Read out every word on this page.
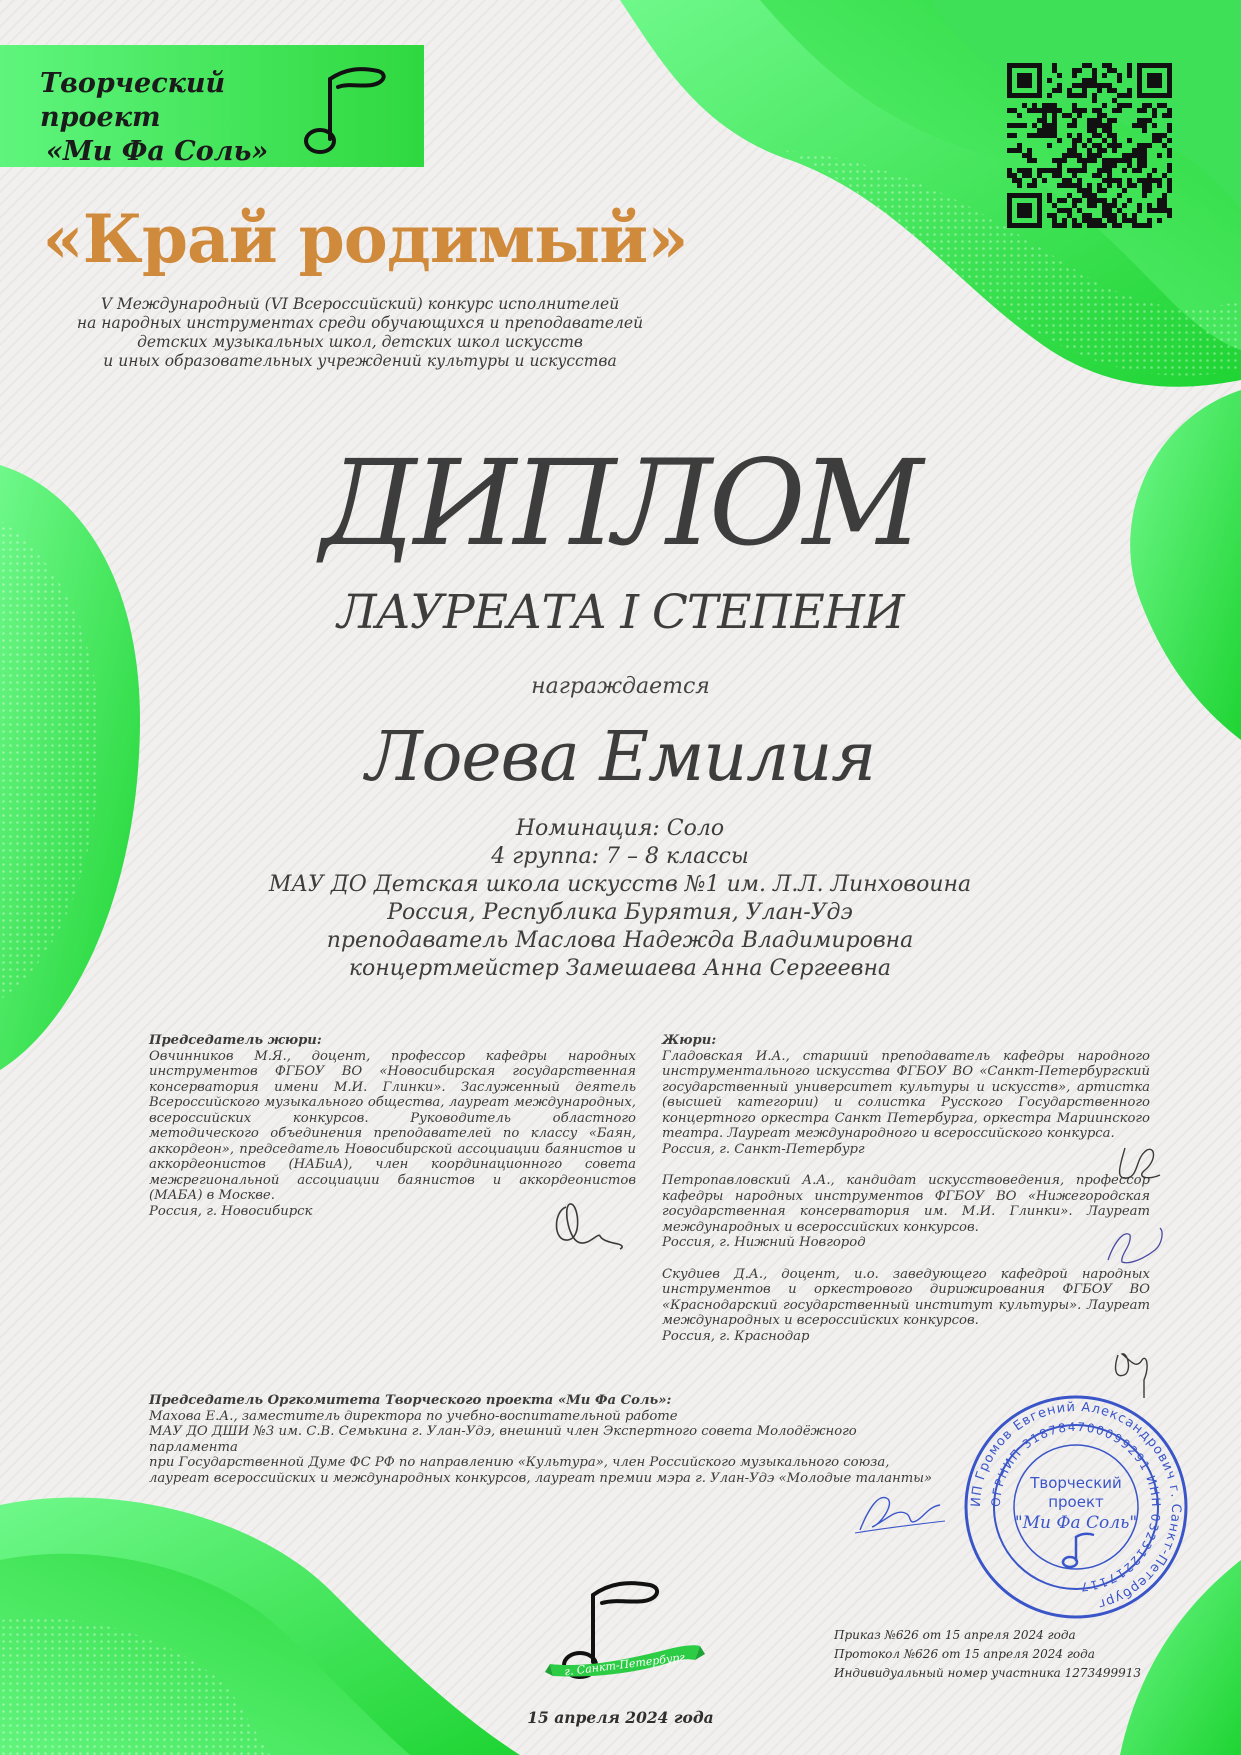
Творческий проект
«Ми Фа Соль»
«Край родимый»
V Международный (VI Всероссийский) конкурс исполнителей
на народных инструментах среди обучающихся и преподавателей
детских музыкальных школ, детских школ искусств
и иных образовательных учреждений культуры и искусства
ДИПЛОМ
ЛАУРЕАТА I СТЕПЕНИ
награждается
Лоева Емилия
Номинация: Соло
4 группа: 7 – 8 классы
МАУ ДО Детская школа искусств №1 им. Л.Л. Линховоина
Россия, Республика Бурятия, Улан-Удэ
преподаватель Маслова Надежда Владимировна
концертмейстер Замешаева Анна Сергеевна
Председатель жюри:
Овчинников М.Я., доцент, профессор кафедры народных инструментов ФГБОУ ВО «Новосибирская государственная консерватория имени М.И. Глинки». Заслуженный деятель Всероссийского музыкального общества, лауреат международных, всероссийских конкурсов. Руководитель областного методического объединения преподавателей по классу «Баян, аккордеон», председатель Новосибирской ассоциации баянистов и аккордеонистов (НАБиА), член координационного совета межрегиональной ассоциации баянистов и аккордеонистов (МАБА) в Москве.
Россия, г. Новосибирск
Жюри:
Гладовская И.А., старший преподаватель кафедры народного инструментального искусства ФГБОУ ВО «Санкт-Петербургский государственный университет культуры и искусств», артистка (высшей категории) и солистка Русского Государственного концертного оркестра Санкт Петербурга, оркестра Мариинского театра. Лауреат международного и всероссийского конкурса.
Россия, г. Санкт-Петербург
Петропавловский А.А., кандидат искусствоведения, профессор кафедры народных инструментов ФГБОУ ВО «Нижегородская государственная консерватория им. М.И. Глинки». Лауреат международных и всероссийских конкурсов.
Россия, г. Нижний Новгород
Скудиев Д.А., доцент, и.о. заведующего кафедрой народных инструментов и оркестрового дирижирования ФГБОУ ВО «Краснодарский государственный институт культуры». Лауреат международных и всероссийских конкурсов.
Россия, г. Краснодар
Председатель Оргкомитета Творческого проекта «Ми Фа Соль»:
Махова Е.А., заместитель директора по учебно-воспитательной работе
МАУ ДО ДШИ №3 им. С.В. Семькина г. Улан-Удэ, внешний член Экспертного совета Молодёжного парламента
при Государственной Думе ФС РФ по направлению «Культура», член Российского музыкального союза,
лауреат всероссийских и международных конкурсов, лауреат премии мэра г. Улан-Удэ «Молодые таланты»
ИП Громов Евгений Александрович г. Санкт-Петербург
ОГРНИП 318784700099291 ИНН 032312217117
Творческий
проект
"Ми Фа Соль"
г. Санкт-Петербург
15 апреля 2024 года
Приказ №626 от 15 апреля 2024 года
Протокол №626 от 15 апреля 2024 года
Индивидуальный номер участника 1273499913
